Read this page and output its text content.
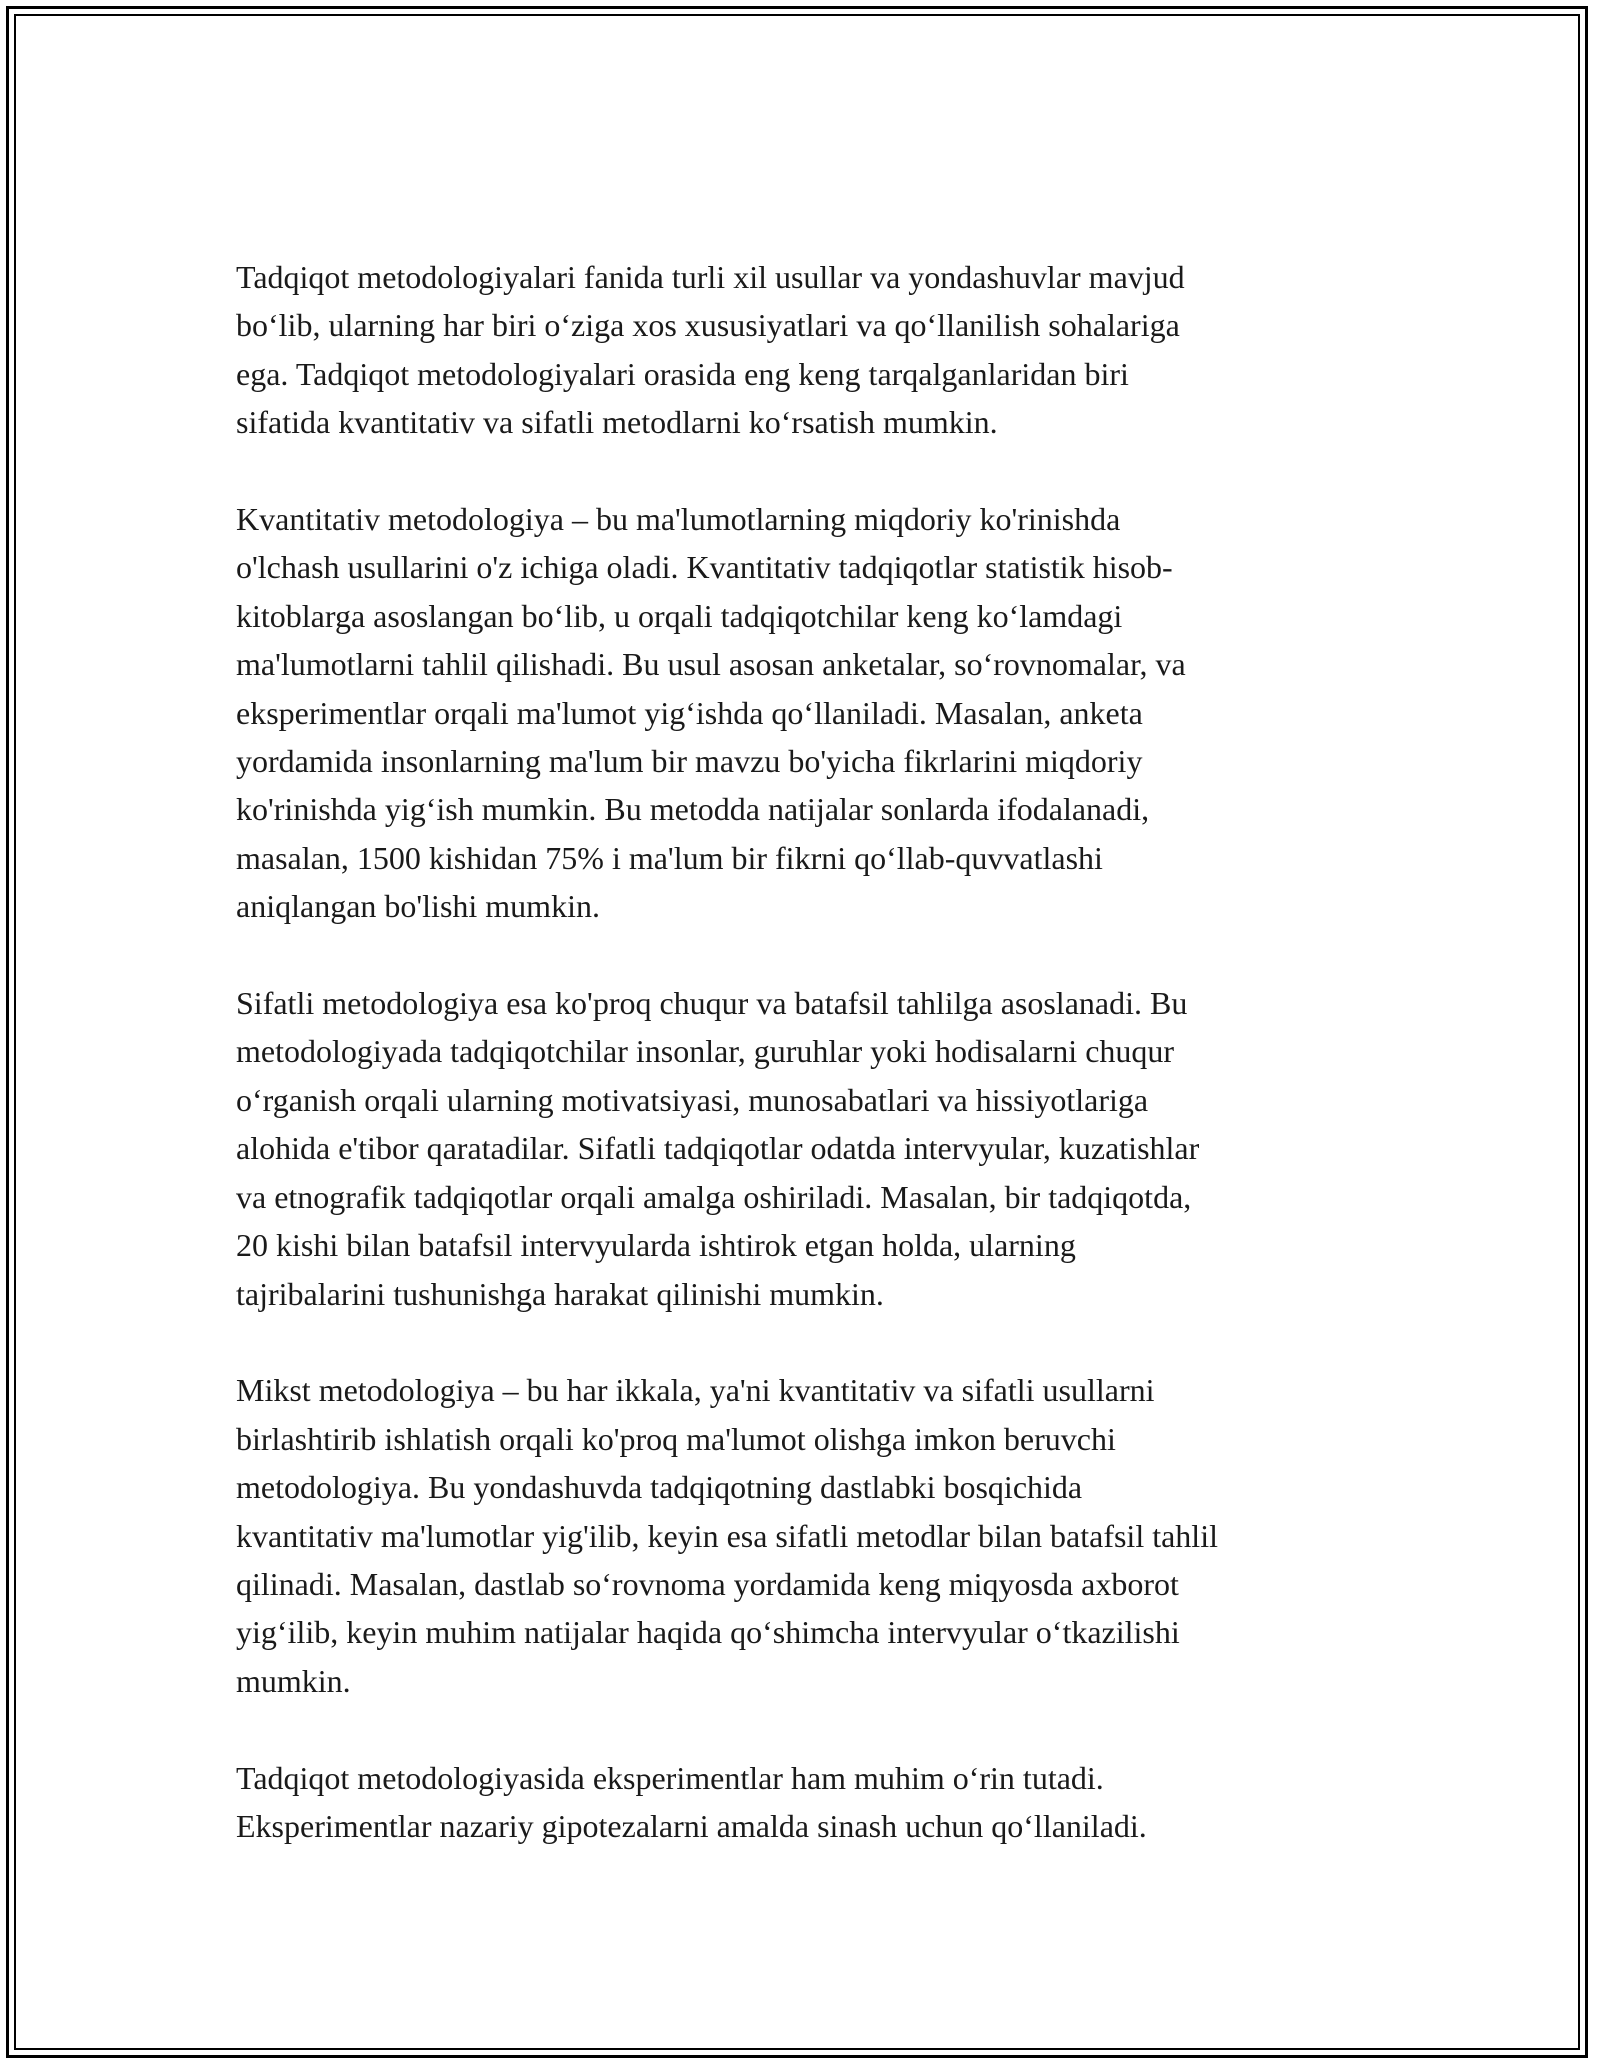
Tadqiqot metodologiyalari fanida turli xil usullar va yondashuvlar mavjud
bo‘lib, ularning har biri o‘ziga xos xususiyatlari va qo‘llanilish sohalariga
ega. Tadqiqot metodologiyalari orasida eng keng tarqalganlaridan biri
sifatida kvantitativ va sifatli metodlarni ko‘rsatish mumkin.

Kvantitativ metodologiya – bu ma'lumotlarning miqdoriy ko'rinishda
o'lchash usullarini o'z ichiga oladi. Kvantitativ tadqiqotlar statistik hisob-
kitoblarga asoslangan bo‘lib, u orqali tadqiqotchilar keng ko‘lamdagi
ma'lumotlarni tahlil qilishadi. Bu usul asosan anketalar, so‘rovnomalar, va
eksperimentlar orqali ma'lumot yig‘ishda qo‘llaniladi. Masalan, anketa
yordamida insonlarning ma'lum bir mavzu bo'yicha fikrlarini miqdoriy
ko'rinishda yig‘ish mumkin. Bu metodda natijalar sonlarda ifodalanadi,
masalan, 1500 kishidan 75% i ma'lum bir fikrni qo‘llab-quvvatlashi
aniqlangan bo'lishi mumkin.

Sifatli metodologiya esa ko'proq chuqur va batafsil tahlilga asoslanadi. Bu
metodologiyada tadqiqotchilar insonlar, guruhlar yoki hodisalarni chuqur
o‘rganish orqali ularning motivatsiyasi, munosabatlari va hissiyotlariga
alohida e'tibor qaratadilar. Sifatli tadqiqotlar odatda intervyular, kuzatishlar
va etnografik tadqiqotlar orqali amalga oshiriladi. Masalan, bir tadqiqotda,
20 kishi bilan batafsil intervyularda ishtirok etgan holda, ularning
tajribalarini tushunishga harakat qilinishi mumkin.

Mikst metodologiya – bu har ikkala, ya'ni kvantitativ va sifatli usullarni
birlashtirib ishlatish orqali ko'proq ma'lumot olishga imkon beruvchi
metodologiya. Bu yondashuvda tadqiqotning dastlabki bosqichida
kvantitativ ma'lumotlar yig'ilib, keyin esa sifatli metodlar bilan batafsil tahlil
qilinadi. Masalan, dastlab so‘rovnoma yordamida keng miqyosda axborot
yig‘ilib, keyin muhim natijalar haqida qo‘shimcha intervyular o‘tkazilishi
mumkin.

Tadqiqot metodologiyasida eksperimentlar ham muhim o‘rin tutadi.
Eksperimentlar nazariy gipotezalarni amalda sinash uchun qo‘llaniladi.
